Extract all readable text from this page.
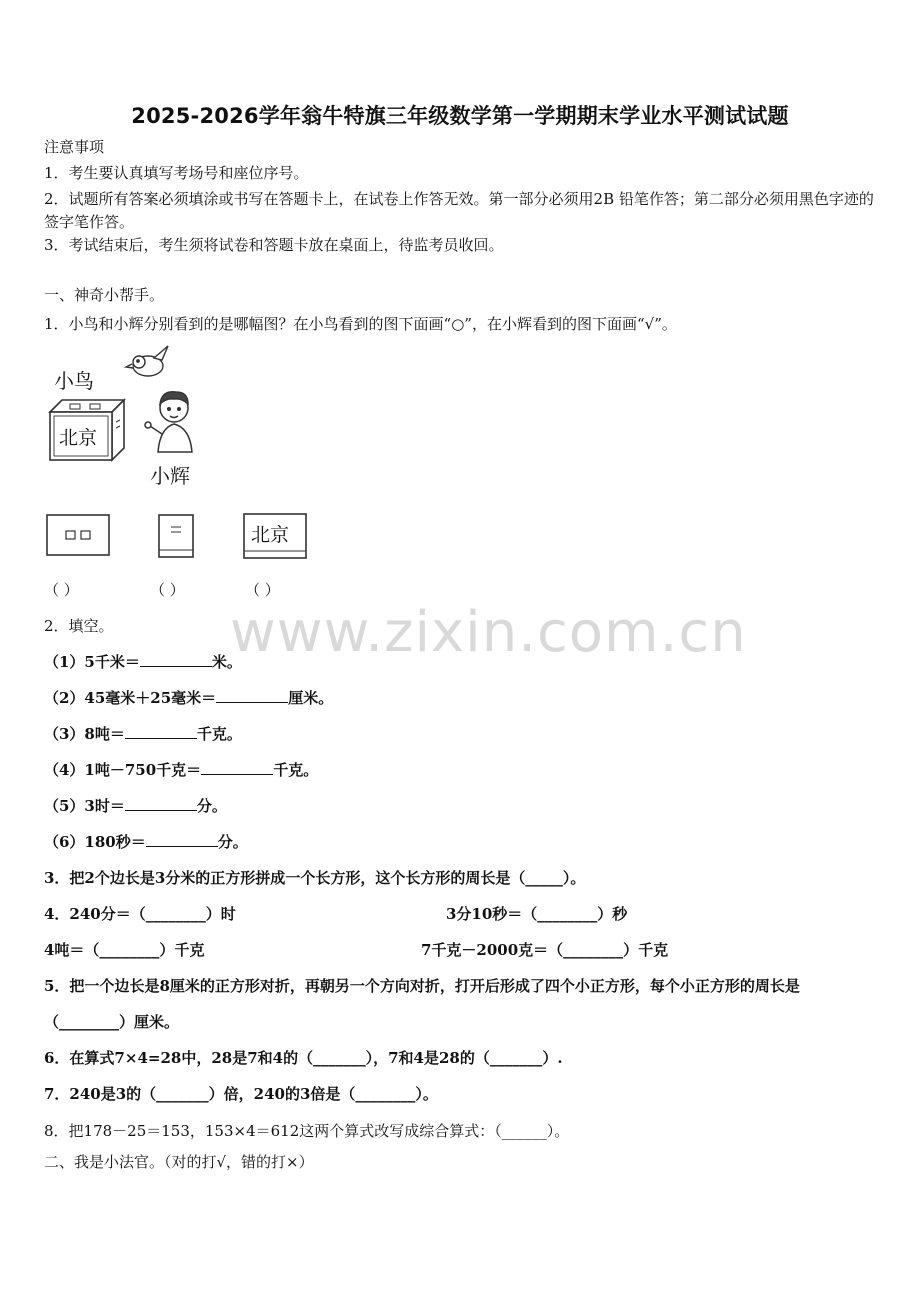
2025-2026学年翁牛特旗三年级数学第一学期期末学业水平测试试题
注意事项
1．考生要认真填写考场号和座位序号。
2．试题所有答案必须填涂或书写在答题卡上，在试卷上作答无效。第一部分必须用2B 铅笔作答；第二部分必须用黑色字迹的签字笔作答。
3．考试结束后，考生须将试卷和答题卡放在桌面上，待监考员收回。
一、神奇小帮手。
1．小鸟和小辉分别看到的是哪幅图？在小鸟看到的图下面画“○”，在小辉看到的图下面画“√”。
小鸟
北京
小辉
北京
（ ）	（ ）	（ ）
www.zixin.com.cn
2．填空。
（1）5千米＝	米。
（2）45毫米＋25毫米＝	厘米。
（3）8吨＝	千克。
（4）1吨－750千克＝	千克。
（5）3时＝	分。
（6）180秒＝	分。
3．把2个边长是3分米的正方形拼成一个长方形，这个长方形的周长是（_____）。
4．240分＝（________）时	3分10秒＝（________）秒
4吨＝（________）千克	7千克－2000克＝（________）千克
5．把一个边长是8厘米的正方形对折，再朝另一个方向对折，打开后形成了四个小正方形，每个小正方形的周长是
（________）厘米。
6．在算式7×4=28中，28是7和4的（_______），7和4是28的（_______）.
7．240是3的（_______）倍，240的3倍是（________）。
8．把178－25＝153，153×4＝612这两个算式改写成综合算式：（______）。
二、我是小法官。（对的打√，错的打×）
